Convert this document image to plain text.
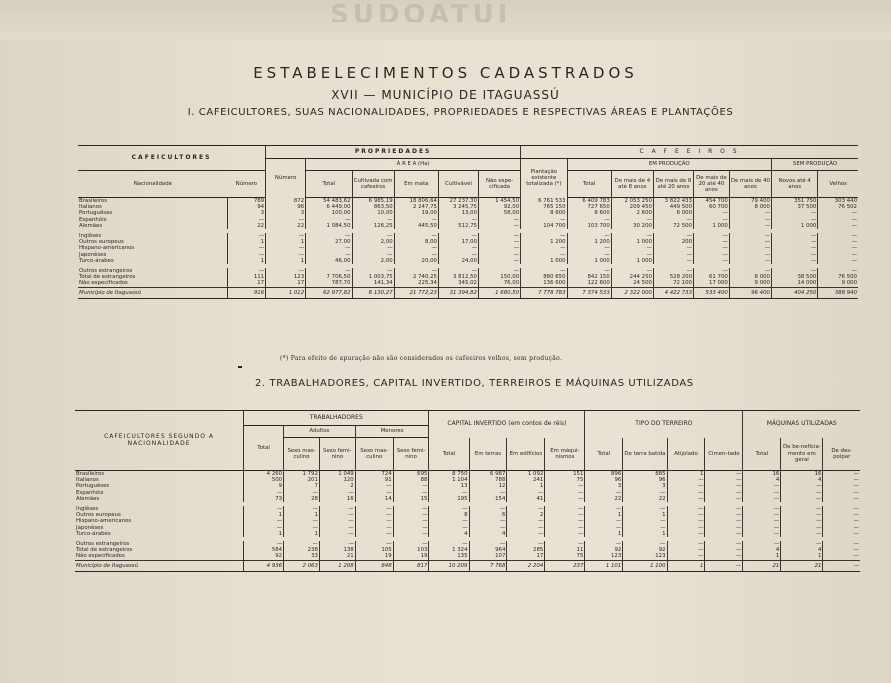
SUDOATUI
ESTABELECIMENTOS CADASTRADOS
XVII — MUNICÍPIO DE ITAGUASSÚ
I. CAFEICULTORES, SUAS NACIONALIDADES, PROPRIEDADES E RESPECTIVAS ÁREAS E PLANTAÇÕES
CAFEICULTORES		PROPRIEDADES						C A F E E I R O S							
		Número	Á R E A (Ha)					Plantação existente totalizada (*)	EM PRODUÇÃO					SEM PRODUÇÃO	
Nacionalidade	Número		Total	Cultivada com cafeeiros	Em mata	Cultivável	Não espe-cificada		Total	De mais de 4 até 8 anos	De mais de 8 até 20 anos	De mais de 20 até 40 anos	De mais de 40 anos	Novos até 4 anos	Velhos
Brasileiros	789	872	54 483,62	6 985,19	18 806,64	27 237,30	1 454,50	6 761 533	6 409 783	2 053 250	3 822 433	454 700	79 400	351 750	303 440
Italianos	94	96	6 449,00	863,50	2 247,75	3 245,75	92,00	765 150	727 650	209 450	449 500	60 700	8 000	37 500	76 502
Portuguêses	3	3	100,00	10,00	19,00	13,00	58,00	8 600	8 600	2 600	6 000	—	—	—	—
Espanhóis	—	—	—	—	—	—	—	—	—	—	—	—	—	—	—
Alemães	22	22	1 084,50	126,25	445,50	512,75	—	104 700	103 700	30 200	72 500	1 000	—	1 000	—

Inglêses	—	—	—	—	—	—	—	—	—	—	—	—	—	—	—
Outros europeus	1	1	27,00	2,00	8,00	17,00	—	1 200	1 200	1 000	200	—	—	—	—
Hispano-americanos	—	—	—	—	—	—	—	—	—	—	—	—	—	—	—
Japonêses	—	—	—	—	—	—	—	—	—	—	—	—	—	—	—
Turco-árabes	1	1	46,00	2,00	20,00	24,00	—	1 000	1 000	1 000	—	—	—	—	—

Outros estrangeiros	—	—	—	—	—	—	—	—	—	—	—	—	—	—	—
Total de estrangeiros	111	123	7 706,50	1 003,75	2 740,25	3 812,50	150,00	880 650	842 150	244 250	528 200	61 700	8 000	38 500	76 500
Não especificados	17	17	787,70	141,34	225,34	345,02	76,00	136 600	122 600	24 500	72 100	17 000	9 000	14 000	9 000
Município de Itaguassú	916	1 012	62 977,82	8 130,27	21 772,23	31 394,82	1 680,50	7 778 783	7 374 533	2 322 000	4 422 733	533 400	96 400	404 250	388 940
(*) Para efeito de apuração não são considerados os cafeeiros velhos, sem produção.
2. TRABALHADORES, CAPITAL INVERTIDO, TERREIROS E MÁQUINAS UTILIZADAS
CAFEICULTORES SEGUNDO A NACIONALIDADE	TRABALHADORES					CAPITAL INVERTIDO (em contos de réis)				TIPO DO TERREIRO				MÁQUINAS UTILIZADAS		
	Total	Adultos		Menores												
		Sexo mas-culino	Sexo femi-nino	Sexo mas-culino	Sexo femi-nino	Total	Em terras	Em edifícios	Em máqui-nismos	Total	De terra batida	Atijolado	Cimen-tado	Total	De be-nefícia-mento em geral	De des-polpar
Brasileiros	4 260	1 792	1 049	724	695	8 750	6 987	1 092	151	896	885	1	—	16	16	—
Italianos	500	201	120	91	88	1 104	788	241	75	96	96	—	—	4	4	—
Portuguêses	9	7	2	—	—	13	12	1	—	3	3	—	—	—	—	—
Espanhóis	—	—	—	—	—	—	—	—	—	—	—	—	—	—	—	—
Alemães	73	28	16	14	15	195	154	41	—	22	22	—	—	—	—	—

Inglêses	—	—	—	—	—	—	—	—	—	—	—	—	—	—	—	—
Outros europeus	1	1	—	—	—	8	6	2	—	1	1	—	—	—	—	—
Hispano-americanos	—	—	—	—	—	—	—	—	—	—	—	—	—	—	—	—
Japonêses	—	—	—	—	—	—	—	—	—	—	—	—	—	—	—	—
Turco-árabes	1	1	—	—	—	4	4	—	—	1	1	—	—	—	—	—

Outros estrangeiros	—	—	—	—	—	—	—	—	—	—	—	—	—	—	—	—
Total de estrangeiros	584	238	138	105	103	1 324	964	285	11	92	92	—	—	4	4	—
Não especificados	92	33	21	19	19	135	107	17	75	123	123	—	—	1	1	—
Município de Itaguassú	4 936	2 063	1 208	848	817	10 209	7 768	2 204	237	1 101	1 100	1	—	21	21	—
